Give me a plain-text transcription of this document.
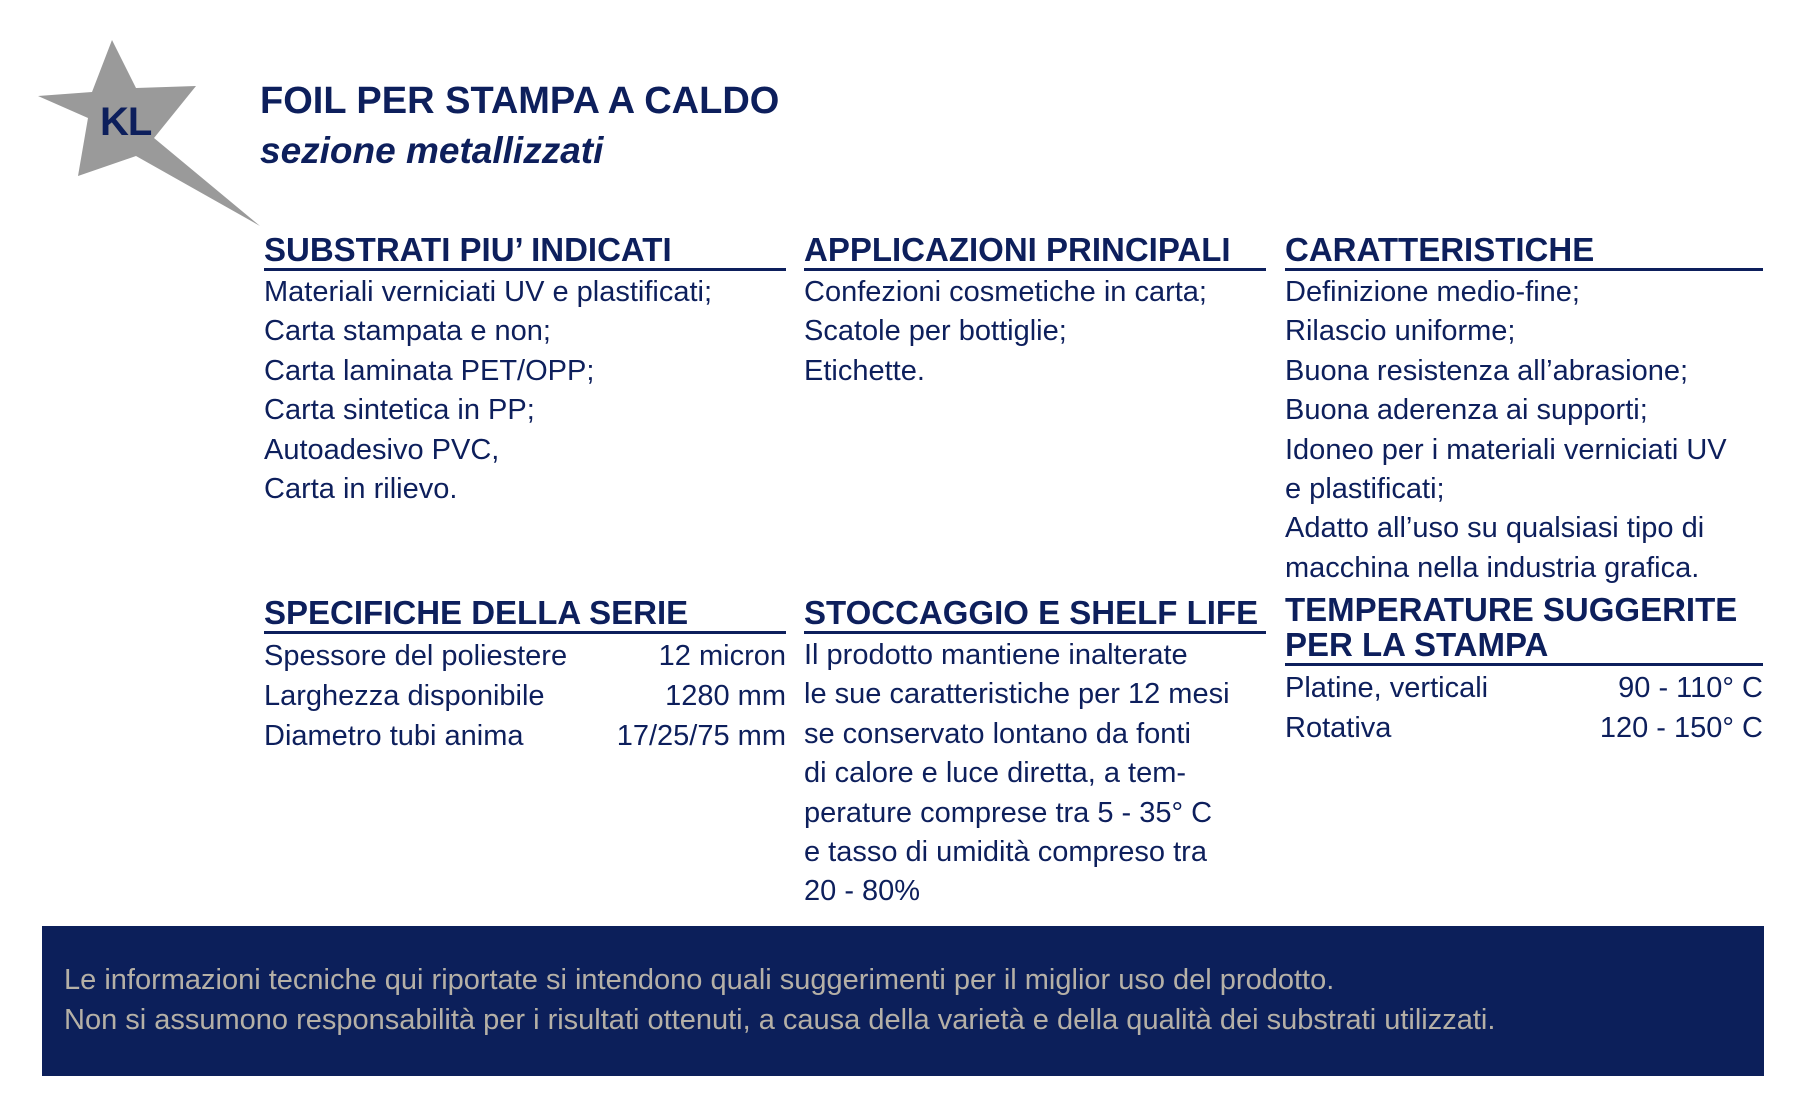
KL	FOIL PER STAMPA A CALDO
sezione metallizzati
SUBSTRATI PIU’ INDICATI
Materiali verniciati UV e plastificati;
Carta stampata e non;
Carta laminata PET/OPP;
Carta sintetica in PP;
Autoadesivo PVC,
Carta in rilievo.
APPLICAZIONI PRINCIPALI
Confezioni cosmetiche in carta;
Scatole per bottiglie;
Etichette.
CARATTERISTICHE
Definizione medio-fine;
Rilascio uniforme;
Buona resistenza all’abrasione;
Buona aderenza ai supporti;
Idoneo per i materiali verniciati UV
e plastificati;
Adatto all’uso su qualsiasi tipo di
macchina nella industria grafica.
SPECIFICHE DELLA SERIE
Spessore del poliestere	12 micron
Larghezza disponibile	1280 mm
Diametro tubi anima	17/25/75 mm
STOCCAGGIO E SHELF LIFE
Il prodotto mantiene inalterate
le sue caratteristiche per 12 mesi
se conservato lontano da fonti
di calore e luce diretta, a tem-
perature comprese tra 5 - 35° C
e tasso di umidità compreso tra
20 - 80%
TEMPERATURE SUGGERITE
PER LA STAMPA
Platine, verticali	90 - 110° C
Rotativa	120 - 150° C
Le informazioni tecniche qui riportate si intendono quali suggerimenti per il miglior uso del prodotto.
Non si assumono responsabilità per i risultati ottenuti, a causa della varietà e della qualità dei substrati utilizzati.
